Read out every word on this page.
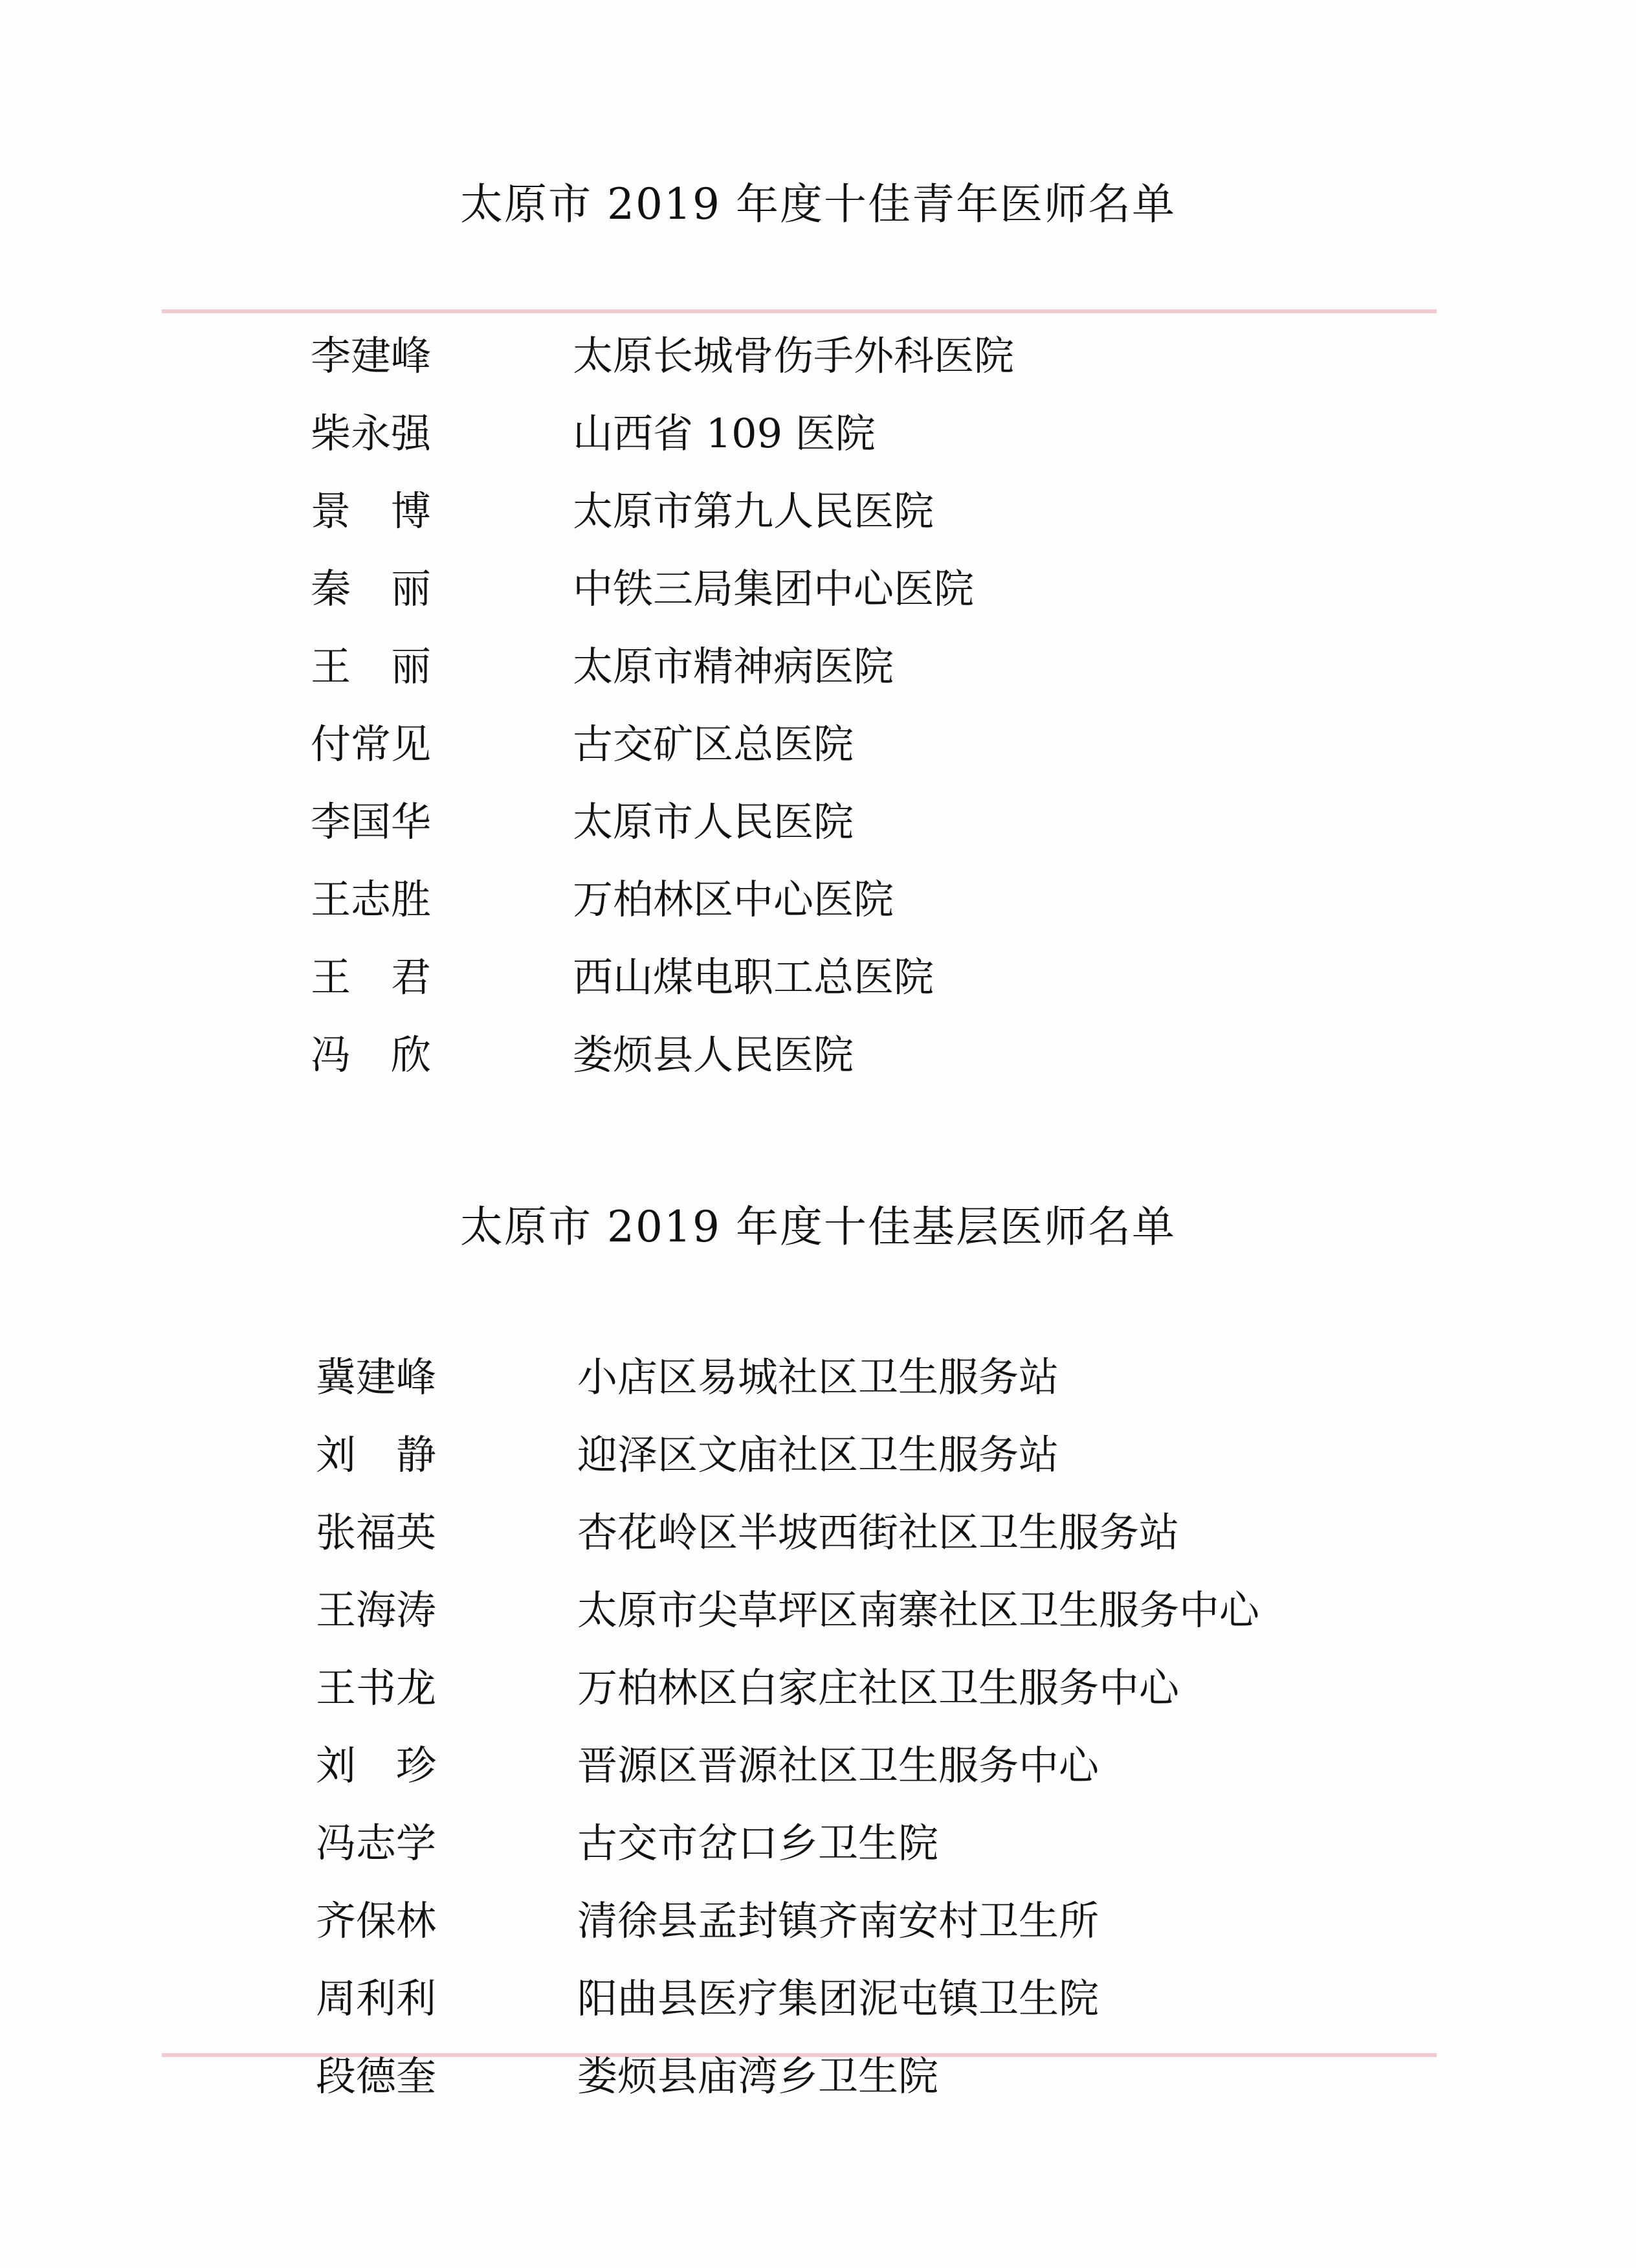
太原市 2019 年度十佳青年医师名单
李建峰	太原长城骨伤手外科医院
柴永强	山西省 109 医院
景　博	太原市第九人民医院
秦　丽	中铁三局集团中心医院
王　丽	太原市精神病医院
付常见	古交矿区总医院
李国华	太原市人民医院
王志胜	万柏林区中心医院
王　君	西山煤电职工总医院
冯　欣	娄烦县人民医院
太原市 2019 年度十佳基层医师名单
冀建峰	小店区易城社区卫生服务站
刘　静	迎泽区文庙社区卫生服务站
张福英	杏花岭区半坡西街社区卫生服务站
王海涛	太原市尖草坪区南寨社区卫生服务中心
王书龙	万柏林区白家庄社区卫生服务中心
刘　珍	晋源区晋源社区卫生服务中心
冯志学	古交市岔口乡卫生院
齐保林	清徐县孟封镇齐南安村卫生所
周利利	阳曲县医疗集团泥屯镇卫生院
段德奎	娄烦县庙湾乡卫生院
